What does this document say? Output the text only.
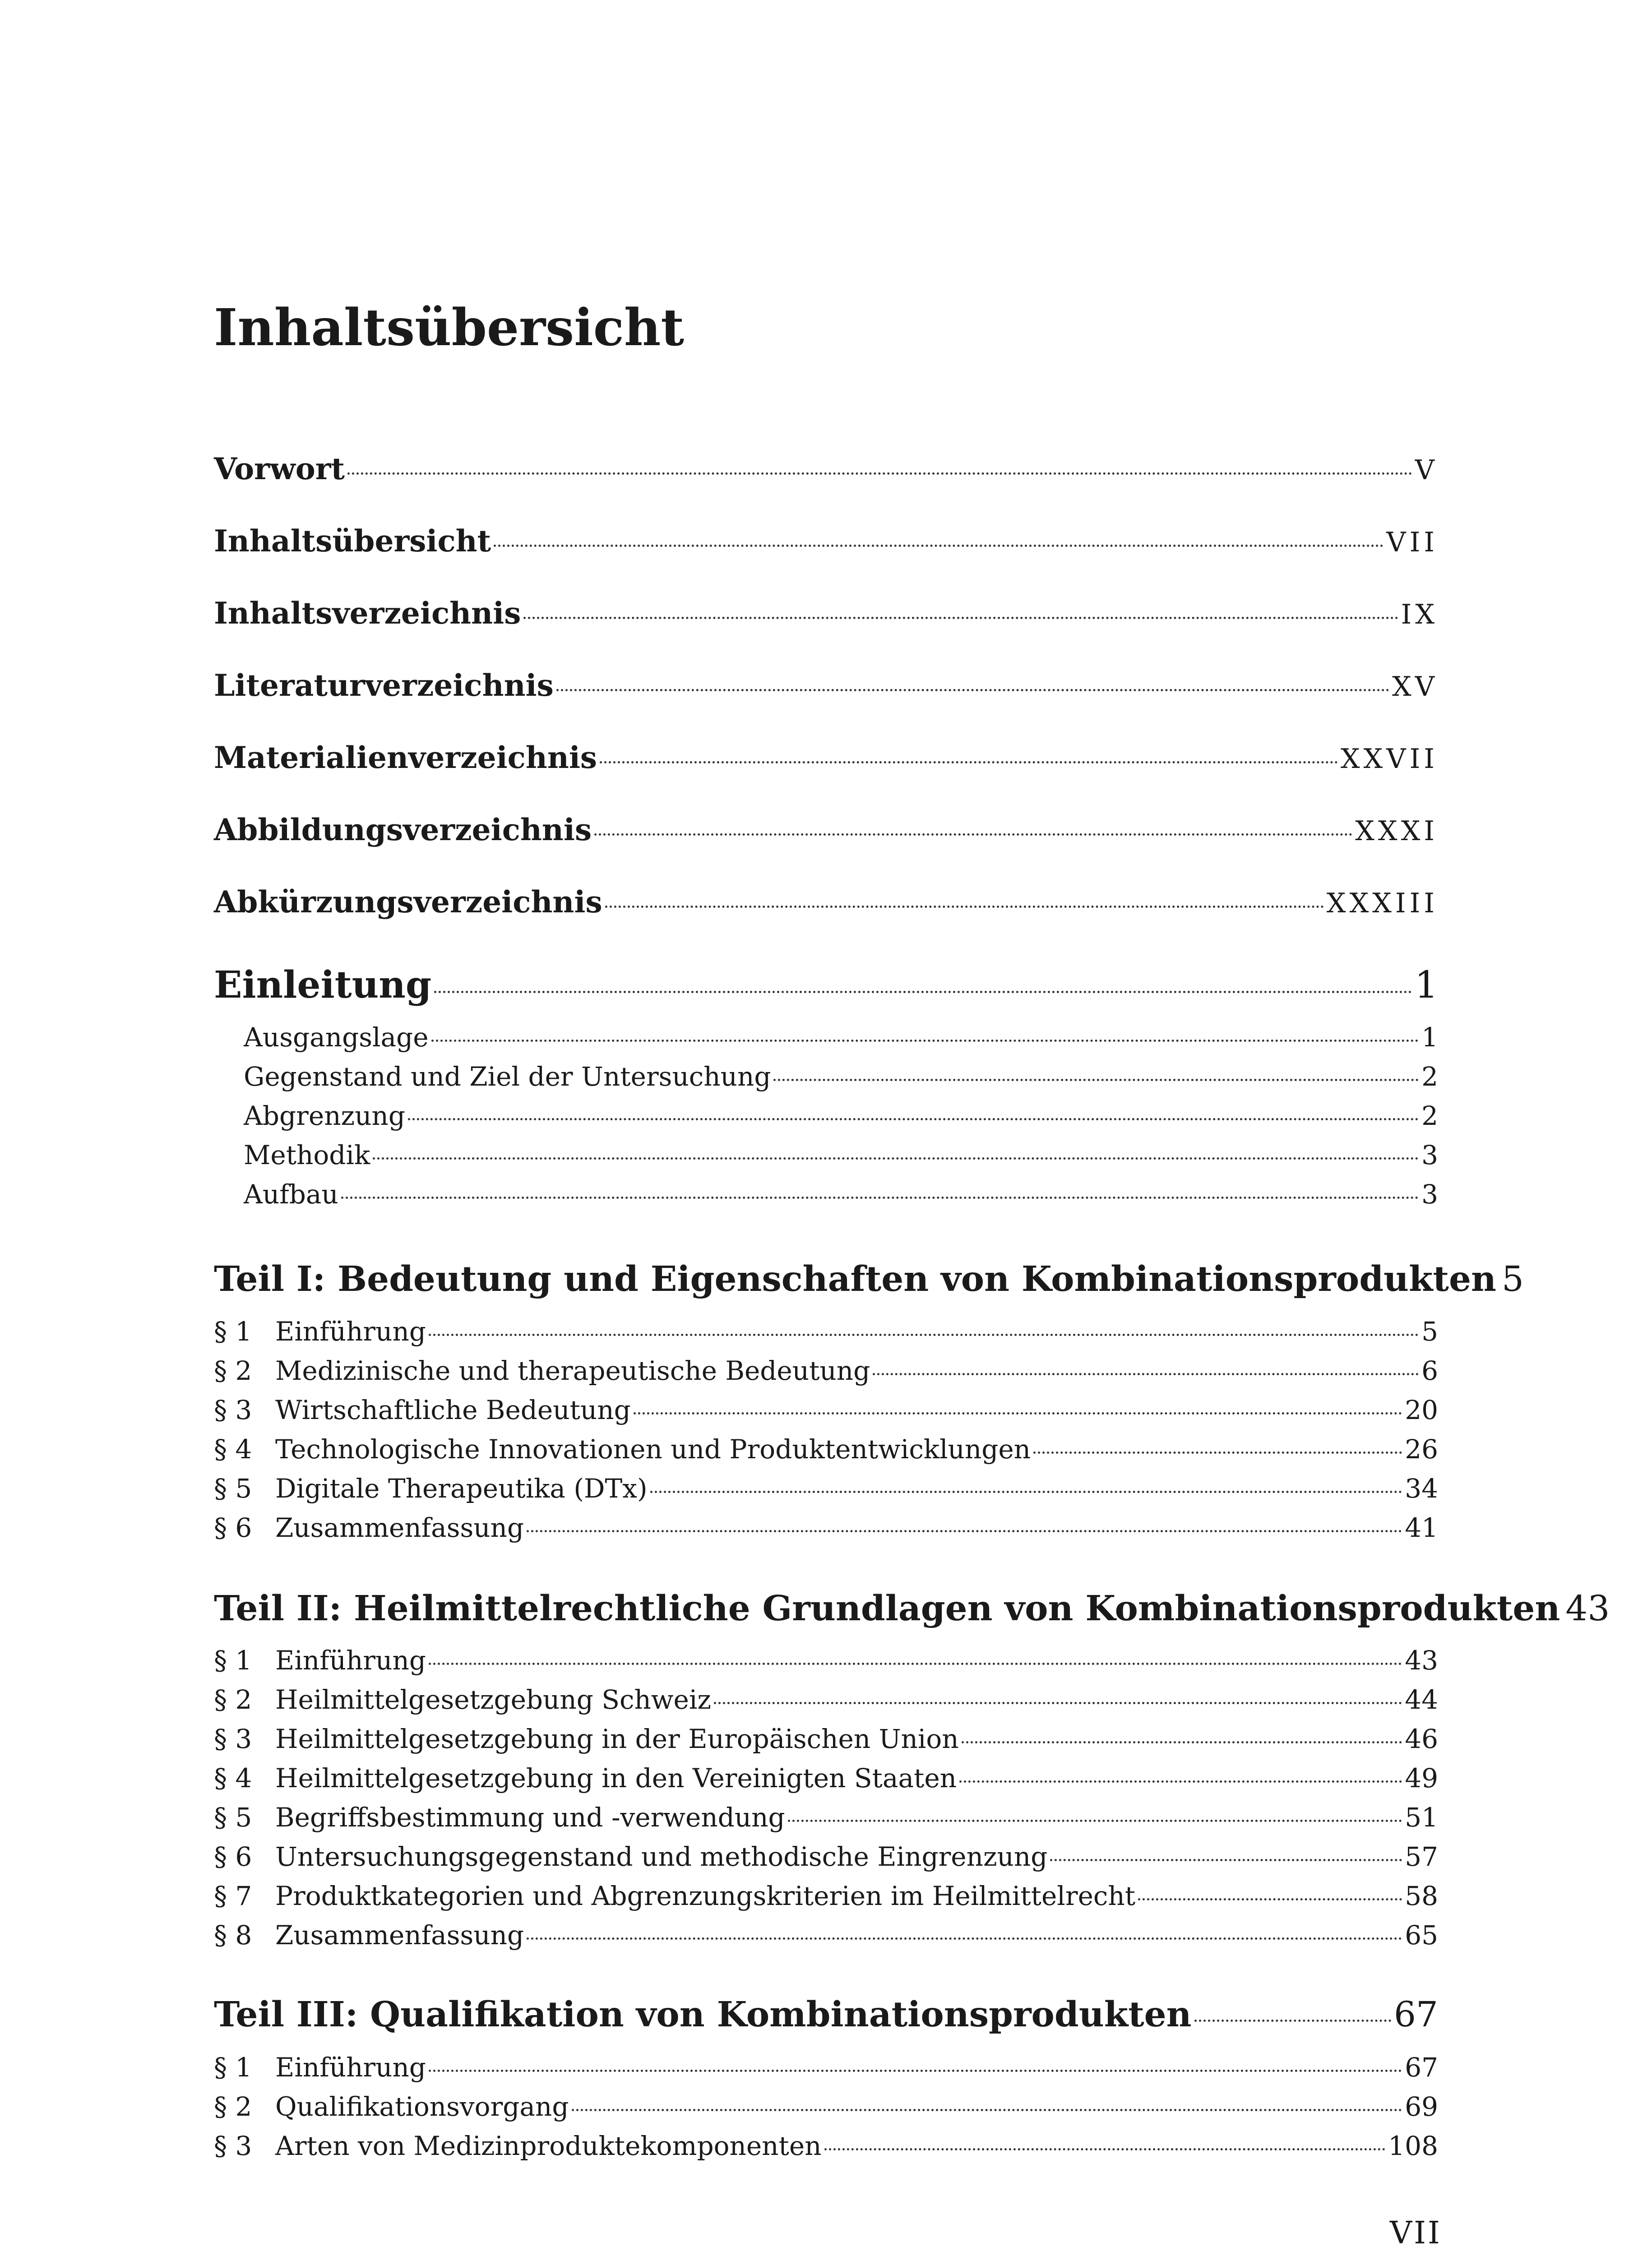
Inhaltsübersicht
Vorwort	V
Inhaltsübersicht	VII
Inhaltsverzeichnis	IX
Literaturverzeichnis	XV
Materialienverzeichnis	XXVII
Abbildungsverzeichnis	XXXI
Abkürzungsverzeichnis	XXXIII
Einleitung	1
Ausgangslage	1
Gegenstand und Ziel der Untersuchung	2
Abgrenzung	2
Methodik	3
Aufbau	3
Teil I: Bedeutung und Eigenschaften von Kombinationsprodukten 5
§ 1 Einführung	5
§ 2 Medizinische und therapeutische Bedeutung	6
§ 3 Wirtschaftliche Bedeutung	20
§ 4 Technologische Innovationen und Produktentwicklungen	26
§ 5 Digitale Therapeutika (DTx)	34
§ 6 Zusammenfassung	41
Teil II: Heilmittelrechtliche Grundlagen von Kombinationsprodukten 43
§ 1 Einführung	43
§ 2 Heilmittelgesetzgebung Schweiz	44
§ 3 Heilmittelgesetzgebung in der Europäischen Union	46
§ 4 Heilmittelgesetzgebung in den Vereinigten Staaten	49
§ 5 Begriffsbestimmung und -verwendung	51
§ 6 Untersuchungsgegenstand und methodische Eingrenzung	57
§ 7 Produktkategorien und Abgrenzungskriterien im Heilmittelrecht	58
§ 8 Zusammenfassung	65
Teil III: Qualifikation von Kombinationsprodukten	67
§ 1 Einführung	67
§ 2 Qualifikationsvorgang	69
§ 3 Arten von Medizinproduktekomponenten	108
VII
